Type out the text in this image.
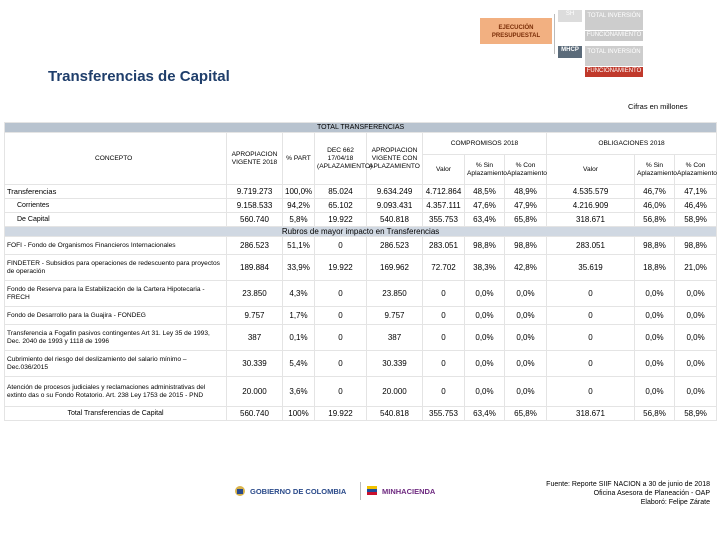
EJECUCIÓN PRESUPUESTAL
SH
MHCP
TOTAL INVERSIÓN
FUNCIONAMIENTO
TOTAL INVERSIÓN
FUNCIONAMIENTO
Transferencias de Capital
Cifras en millones
TOTAL TRANSFERENCIAS										
CONCEPTO	APROPIACION VIGENTE 2018	% PART	DEC 662 17/04/18 (APLAZAMIENTO)	APROPIACION VIGENTE CON APLAZAMIENTO	COMPROMISOS 2018			OBLIGACIONES 2018		
					Valor	% Sin Aplazamiento	% Con Aplazamiento	Valor	% Sin Aplazamiento	% Con Aplazamiento
Transferencias	9.719.273	100,0%	85.024	9.634.249	4.712.864	48,5%	48,9%	4.535.579	46,7%	47,1%
Corrientes	9.158.533	94,2%	65.102	9.093.431	4.357.111	47,6%	47,9%	4.216.909	46,0%	46,4%
De Capital	560.740	5,8%	19.922	540.818	355.753	63,4%	65,8%	318.671	56,8%	58,9%
Rubros de mayor impacto en Transferencias										
FOFI - Fondo de Organismos Financieros Internacionales	286.523	51,1%	0	286.523	283.051	98,8%	98,8%	283.051	98,8%	98,8%
FINDETER - Subsidios para operaciones de redescuento para proyectos de operación	189.884	33,9%	19.922	169.962	72.702	38,3%	42,8%	35.619	18,8%	21,0%
Fondo de Reserva para la Estabilización de la Cartera Hipotecaria - FRECH	23.850	4,3%	0	23.850	0	0,0%	0,0%	0	0,0%	0,0%
Fondo de Desarrollo para la Guajira - FONDEG	9.757	1,7%	0	9.757	0	0,0%	0,0%	0	0,0%	0,0%
Transferencia a Fogafin pasivos contingentes Art 31. Ley 35 de 1993, Dec. 2040 de 1993 y 1118 de 1996	387	0,1%	0	387	0	0,0%	0,0%	0	0,0%	0,0%
Cubrimiento del riesgo del deslizamiento del salario mínimo – Dec.036/2015	30.339	5,4%	0	30.339	0	0,0%	0,0%	0	0,0%	0,0%
Atención de procesos judiciales y reclamaciones administrativas del extinto das o su Fondo Rotatorio. Art. 238 Ley 1753 de 2015 - PND	20.000	3,6%	0	20.000	0	0,0%	0,0%	0	0,0%	0,0%
Total Transferencias de Capital	560.740	100%	19.922	540.818	355.753	63,4%	65,8%	318.671	56,8%	58,9%
GOBIERNO DE COLOMBIA	MINHACIENDA
Fuente: Reporte SIIF NACION a 30 de junio de 2018
Oficina Asesora de Planeación - OAP
Elaboró: Felipe Zárate
